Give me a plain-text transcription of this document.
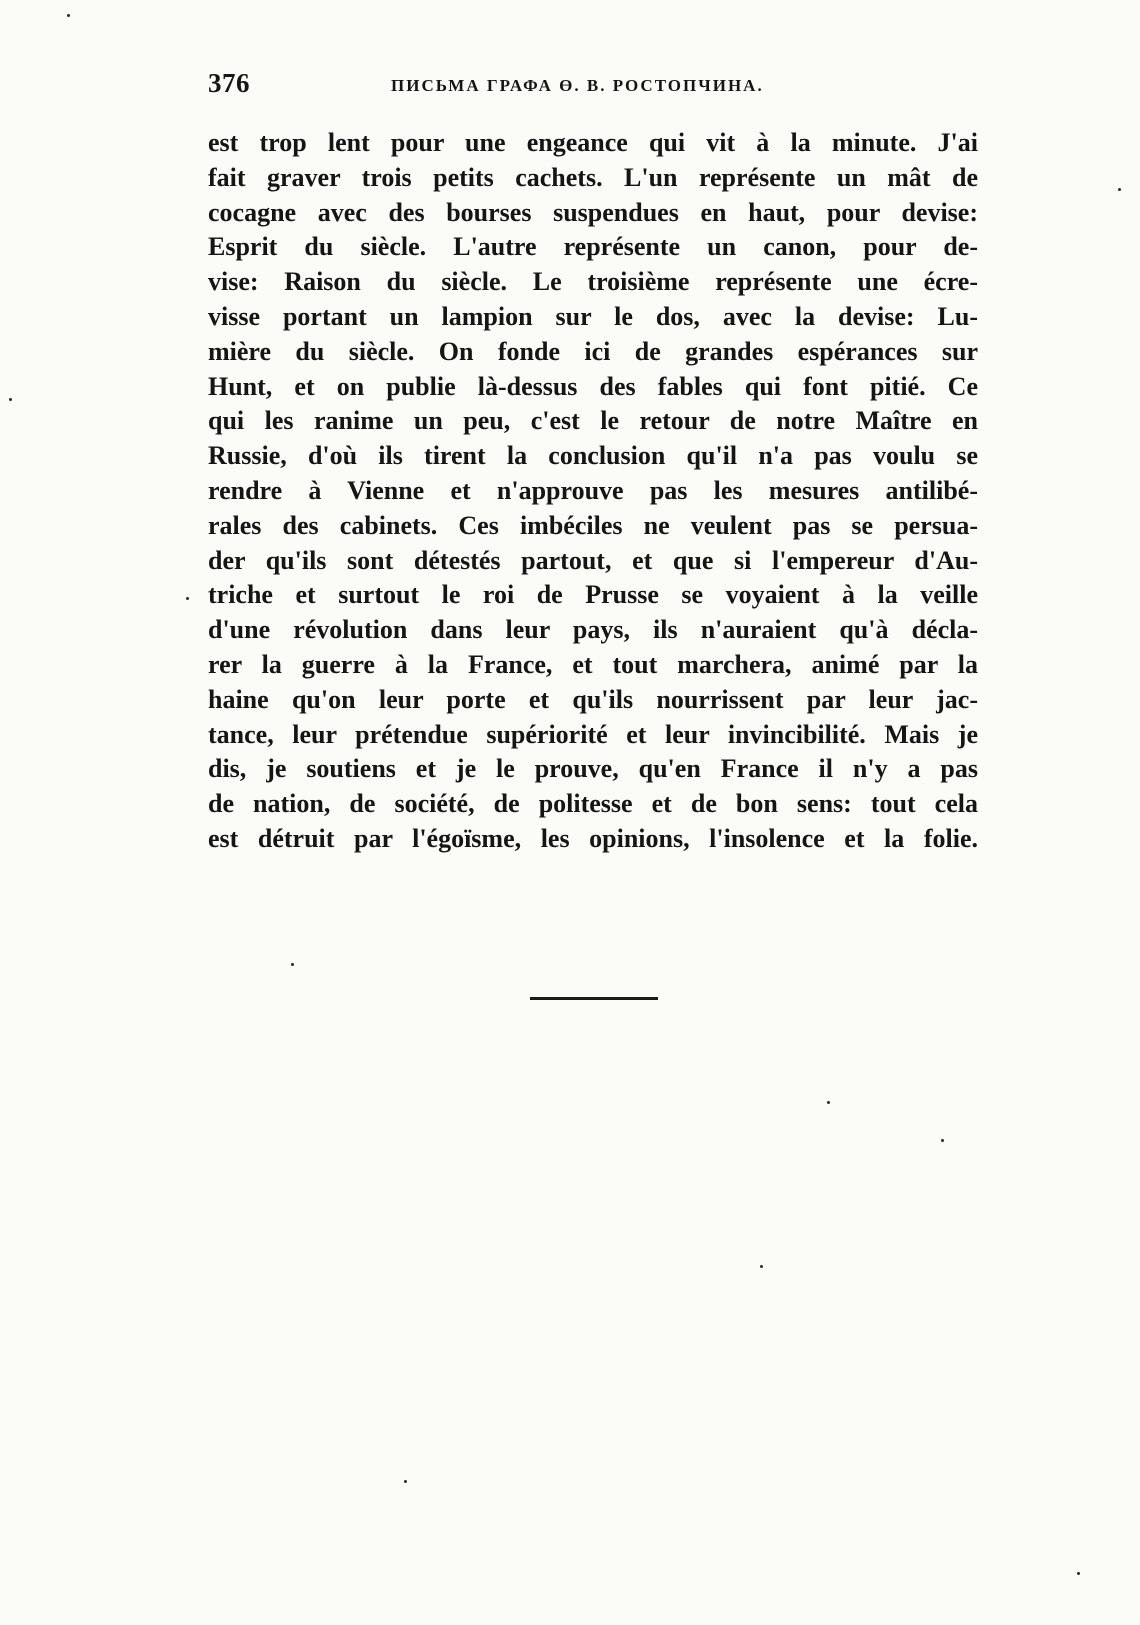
376	ПИСЬМА ГРАФА Ө. В. РОСТОПЧИНА.
est trop lent pour une engeance qui vit à la minute. J'ai
fait graver trois petits cachets. L'un représente un mât de
cocagne avec des bourses suspendues en haut, pour devise:
Esprit du siècle. L'autre représente un canon, pour de-
vise: Raison du siècle. Le troisième représente une écre-
visse portant un lampion sur le dos, avec la devise: Lu-
mière du siècle. On fonde ici de grandes espérances sur
Hunt, et on publie là-dessus des fables qui font pitié. Ce
qui les ranime un peu, c'est le retour de notre Maître en
Russie, d'où ils tirent la conclusion qu'il n'a pas voulu se
rendre à Vienne et n'approuve pas les mesures antilibé-
rales des cabinets. Ces imbéciles ne veulent pas se persua-
der qu'ils sont détestés partout, et que si l'empereur d'Au-
triche et surtout le roi de Prusse se voyaient à la veille
d'une révolution dans leur pays, ils n'auraient qu'à décla-
rer la guerre à la France, et tout marchera, animé par la
haine qu'on leur porte et qu'ils nourrissent par leur jac-
tance, leur prétendue supériorité et leur invincibilité. Mais je
dis, je soutiens et je le prouve, qu'en France il n'y a pas
de nation, de société, de politesse et de bon sens: tout cela
est détruit par l'égoïsme, les opinions, l'insolence et la folie.
